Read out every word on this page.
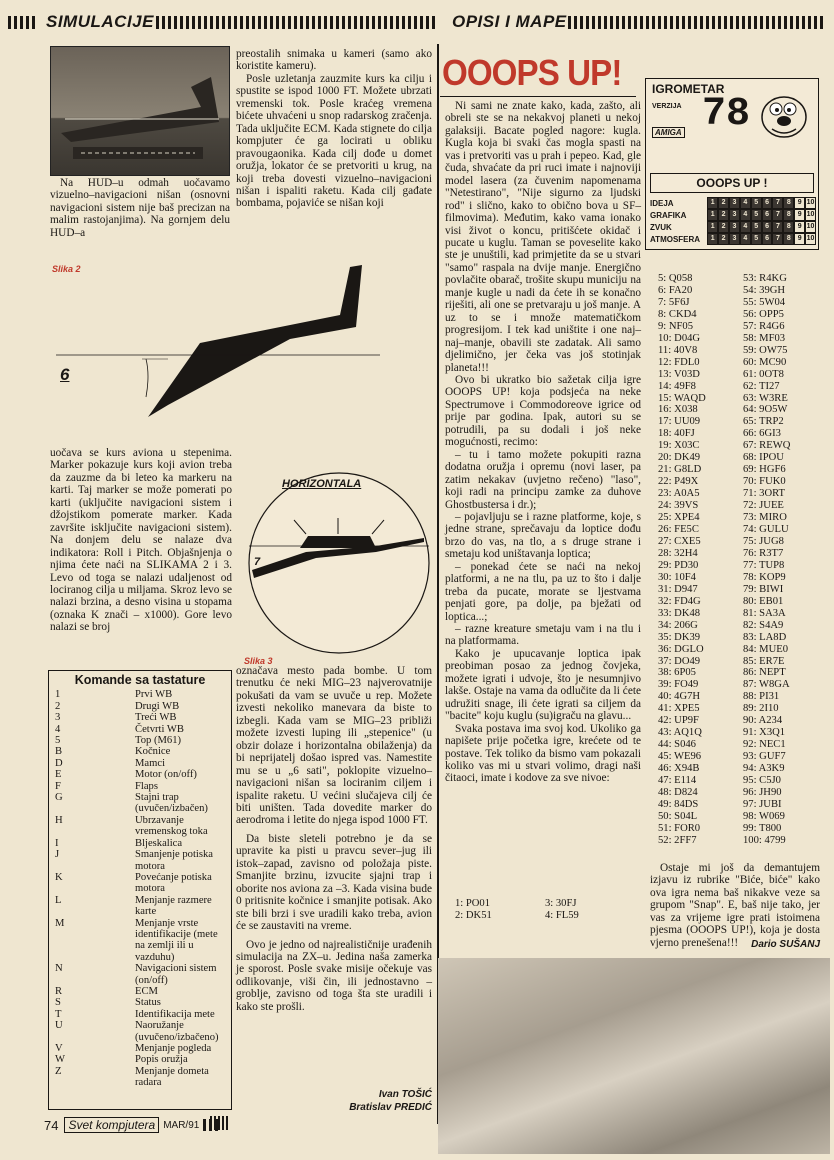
SIMULACIJE	OPISI I MAPE

Na HUD–u odmah uočavamo vizuelno–navigacioni nišan (osnovni navigacioni sistem nije baš precizan na malim rastojanjima). Na gornjem delu HUD–a

preostalih snimaka u kameri (samo ako koristite kameru).

Posle uzletanja zauzmite kurs ka cilju i spustite se ispod 1000 FT. Možete ubrzati vremenski tok. Posle kraćeg vremena bićete uhvaćeni u snop radarskog zračenja. Tada uključite ECM. Kada stignete do cilja kompjuter će ga locirati u obliku pravougaonika. Kada cilj dođe u domet oružja, lokator će se pretvoriti u krug, na koji treba dovesti vizuelno–navigacioni nišan i ispaliti raketu. Kada cilj gađate bombama, pojaviće se nišan koji

Slika 2
6

uočava se kurs aviona u stepenima. Marker pokazuje kurs koji avion treba da zauzme da bi leteo ka markeru na karti. Taj marker se može pomerati po karti (uključite navigacioni sistem i džojstikom pomerate marker. Kada završite isključite navigacioni sistem). Na donjem delu se nalaze dva indikatora: Roll i Pitch. Objašnjenja o njima ćete naći na SLIKAMA 2 i 3. Levo od toga se nalazi udaljenost od lociranog cilja u miljama. Skroz levo se nalazi brzina, a desno visina u stopama (oznaka K znači – x1000). Gore levo nalazi se broj

HORIZONTALA
7
Slika 3

označava mesto pada bombe. U tom trenutku će neki MIG–23 najverovatnije pokušati da vam se uvuče u rep. Možete izvesti nekoliko manevara da biste to izbegli. Kada vam se MIG–23 približi možete izvesti luping ili „stepenice" (u obzir dolaze i horizontalna obilaženja) da bi neprijatelj došao ispred vas. Namestite mu se u „6 sati", poklopite vizuelno–navigacioni nišan sa lociranim ciljem i ispalite raketu. U većini slučajeva cilj će biti uništen. Tada dovedite marker do aerodroma i letite do njega ispod 1000 FT.

Da biste sleteli potrebno je da se upravite ka pisti u pravcu sever–jug ili istok–zapad, zavisno od položaja piste. Smanjite brzinu, izvucite sjajni trap i oborite nos aviona za –3. Kada visina bude 0 pritisnite kočnice i smanjite potisak. Ako ste bili brzi i sve uradili kako treba, avion će se zaustaviti na vreme.

Ovo je jedno od najrealističnije urađenih simulacija na ZX–u. Jedina naša zamerka je sporost. Posle svake misije očekuje vas odlikovanje, viši čin, ili jednostavno – groblje, zavisno od toga šta ste uradili i kako ste prošli.

Ivan TOŠIĆ
Bratislav PREDIĆ
Komande sa tastature
1	Prvi WB
2	Drugi WB
3	Treći WB
4	Četvrti WB
5	Top (M61)
B	Kočnice
D	Mamci
E	Motor (on/off)
F	Flaps
G	Stajni trap (uvučen/izbačen)
H	Ubrzavanje vremenskog toka
I	Bljeskalica
J	Smanjenje potiska motora
K	Povećanje potiska motora
L	Menjanje razmere karte
M	Menjanje vrste identifikacije (mete na zemlji ili u vazduhu)
N	Navigacioni sistem (on/off)
R	ECM
S	Status
T	Identifikacija mete
U	Naoružanje (uvučeno/izbačeno)
V	Menjanje pogleda
W	Popis oružja
Z	Menjanje dometa radara
74 Svet kompjutera MAR/91
OOOPS UP!

Ni sami ne znate kako, kada, zašto, ali obreli ste se na nekakvoj planeti u nekoj galaksiji. Bacate pogled nagore: kugla. Kugla koja bi svaki čas mogla spasti na vas i pretvoriti vas u prah i pepeo. Kad, gle čuda, shvaćate da pri ruci imate i najnoviji model lasera (za čuvenim napomenama "Netestirano", "Nije sigurno za ljudski rod" i slično, kako to obično bova u SF–filmovima). Međutim, kako vama ionako visi život o koncu, pritišćete okidač i pucate u kuglu. Taman se poveselite kako ste je unuštili, kad primjetite da se u stvari "samo" raspala na dvije manje. Energično povlačite obarač, trošite skupu municiju na manje kugle u nadi da ćete ih se konačno riješiti, ali one se pretvaraju u još manje. A uz to se i množe matematičkom progresijom. I tek kad uništite i one naj–naj–manje, obavili ste zadatak. Ali samo djelimično, jer čeka vas još stotinjak planeta!!!

Ovo bi ukratko bio sažetak cilja igre OOOPS UP! koja podsjeća na neke Spectrumove i Commodoreove igrice od prije par godina. Ipak, autori su se potrudili, pa su dodali i još neke mogućnosti, recimo:

– tu i tamo možete pokupiti razna dodatna oružja i opremu (novi laser, pa zatim nekakav (uvjetno rečeno) "laso", koji radi na principu zamke za duhove Ghostbustersa i dr.);

– pojavljuju se i razne platforme, koje, s jedne strane, sprečavaju da loptice dođu brzo do vas, na tlo, a s druge strane i smetaju kod uništavanja loptica;

– ponekad ćete se naći na nekoj platformi, a ne na tlu, pa uz to što i dalje treba da pucate, morate se ljestvama penjati gore, pa dolje, pa bježati od loptica...;

– razne kreature smetaju vam i na tlu i na platformama.

Kako je upucavanje loptica ipak preobiman posao za jednog čovjeka, možete igrati i udvoje, što je nesumnjivo lakše. Ostaje na vama da odlučite da li ćete udružiti snage, ili ćete igrati sa ciljem da "bacite" koju kuglu (su)igraču na glavu...

Svaka postava ima svoj kod. Ukoliko ga napišete prije početka igre, krećete od te postave. Tek toliko da bismo vam pokazali koliko vas mi u stvari volimo, dragi naši čitaoci, imate i kodove za sve nivoe:

1: PO01	3: 30FJ
2: DK51	4: FL59
IGROMETAR
VERZIJA 78
AMIGA
OOOPS UP !
IDEJA	1 2 3 4 5 6 7 8 9 10
GRAFIKA	1 2 3 4 5 6 7 8 9 10
ZVUK	1 2 3 4 5 6 7 8 9 10
ATMOSFERA	1 2 3 4 5 6 7 8 9 10
5: Q058	53: R4KG
6: FA20	54: 39GH
7: 5F6J	55: 5W04
8: CKD4	56: OPP5
9: NF05	57: R4G6
10: D04G	58: MF03
11: 40V8	59: OW75
12: FDL0	60: MC90
13: V03D	61: 0OT8
14: 49F8	62: TI27
15: WAQD	63: W3RE
16: X038	64: 9O5W
17: UU09	65: TRP2
18: 40FJ	66: 6GI3
19: X03C	67: REWQ
20: DK49	68: IPOU
21: G8LD	69: HGF6
22: P49X	70: FUK0
23: A0A5	71: 3ORT
24: 39VS	72: JUEE
25: XPE4	73: MIRO
26: FE5C	74: GULU
27: CXE5	75: JUG8
28: 32H4	76: R3T7
29: PD30	77: TUP8
30: 10F4	78: KOP9
31: D947	79: BIWI
32: FD4G	80: EB01
33: DK48	81: SA3A
34: 206G	82: S4A9
35: DK39	83: LA8D
36: DGLO	84: MUE0
37: DO49	85: ER7E
38: 6P05	86: NEPT
39: FO49	87: W8GA
40: 4G7H	88: PI31
41: XPE5	89: 2I10
42: UP9F	90: A234
43: AQ1Q	91: X3Q1
44: S046	92: NEC1
45: WE96	93: GUF7
46: X94B	94: A3K9
47: E114	95: C5J0
48: D824	96: JH90
49: 84DS	97: JUBI
50: S04L	98: W069
51: FOR0	99: T800
52: 2FF7	100: 4799

Ostaje mi još da demantujem izjavu iz rubrike "Biće, biće" kako ova igra nema baš nikakve veze sa grupom "Snap". E, baš nije tako, jer vas za vrijeme igre prati istoimena pjesma (OOOPS UP!), koja je dosta vjerno prenešena!!!	Dario SUŠANJ
